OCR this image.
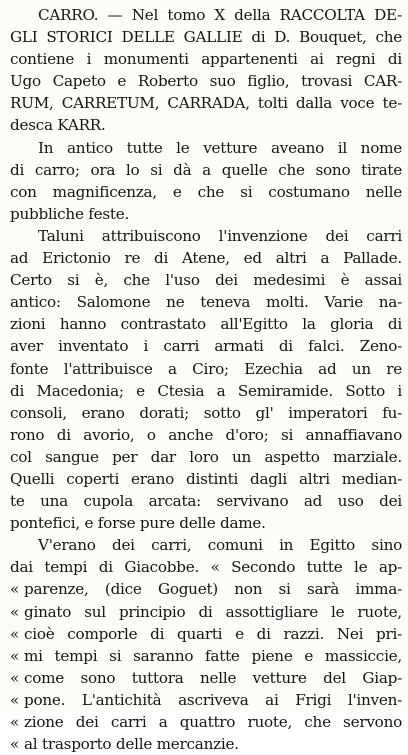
CARRO. — Nel tomo X della RACCOLTA DE-
GLI STORICI DELLE GALLIE di D. Bouquet, che
contiene i monumenti appartenenti ai regni di
Ugo Capeto e Roberto suo figlio, trovasi CAR-
RUM, CARRETUM, CARRADA, tolti dalla voce te-
desca KARR.
In antico tutte le vetture aveano il nome
di carro; ora lo si dà a quelle che sono tirate
con magnificenza, e che si costumano nelle
pubbliche feste.
Taluni attribuiscono l'invenzione dei carri
ad Erictonio re di Atene, ed altri a Pallade.
Certo si è, che l'uso dei medesimi è assai
antico: Salomone ne teneva molti. Varie na-
zioni hanno contrastato all'Egitto la gloria di
aver inventato i carri armati di falci. Zeno-
fonte l'attribuisce a Ciro; Ezechia ad un re
di Macedonia; e Ctesia a Semiramide. Sotto i
consoli, erano dorati; sotto gl' imperatori fu-
rono di avorio, o anche d'oro; si annaffiavano
col sangue per dar loro un aspetto marziale.
Quelli coperti erano distinti dagli altri median-
te una cupola arcata: servivano ad uso dei
pontefici, e forse pure delle dame.
V'erano dei carri, comuni in Egitto sino
dai tempi di Giacobbe. « Secondo tutte le ap-
« parenze, (dice Goguet) non si sarà imma-
« ginato sul principio di assottigliare le ruote,
« cioè comporle di quarti e di razzi. Nei pri-
« mi tempi si saranno fatte piene e massiccie,
« come sono tuttora nelle vetture del Giap-
« pone. L'antichità ascriveva ai Frigi l'inven-
« zione dei carri a quattro ruote, che servono
« al trasporto delle mercanzie.
